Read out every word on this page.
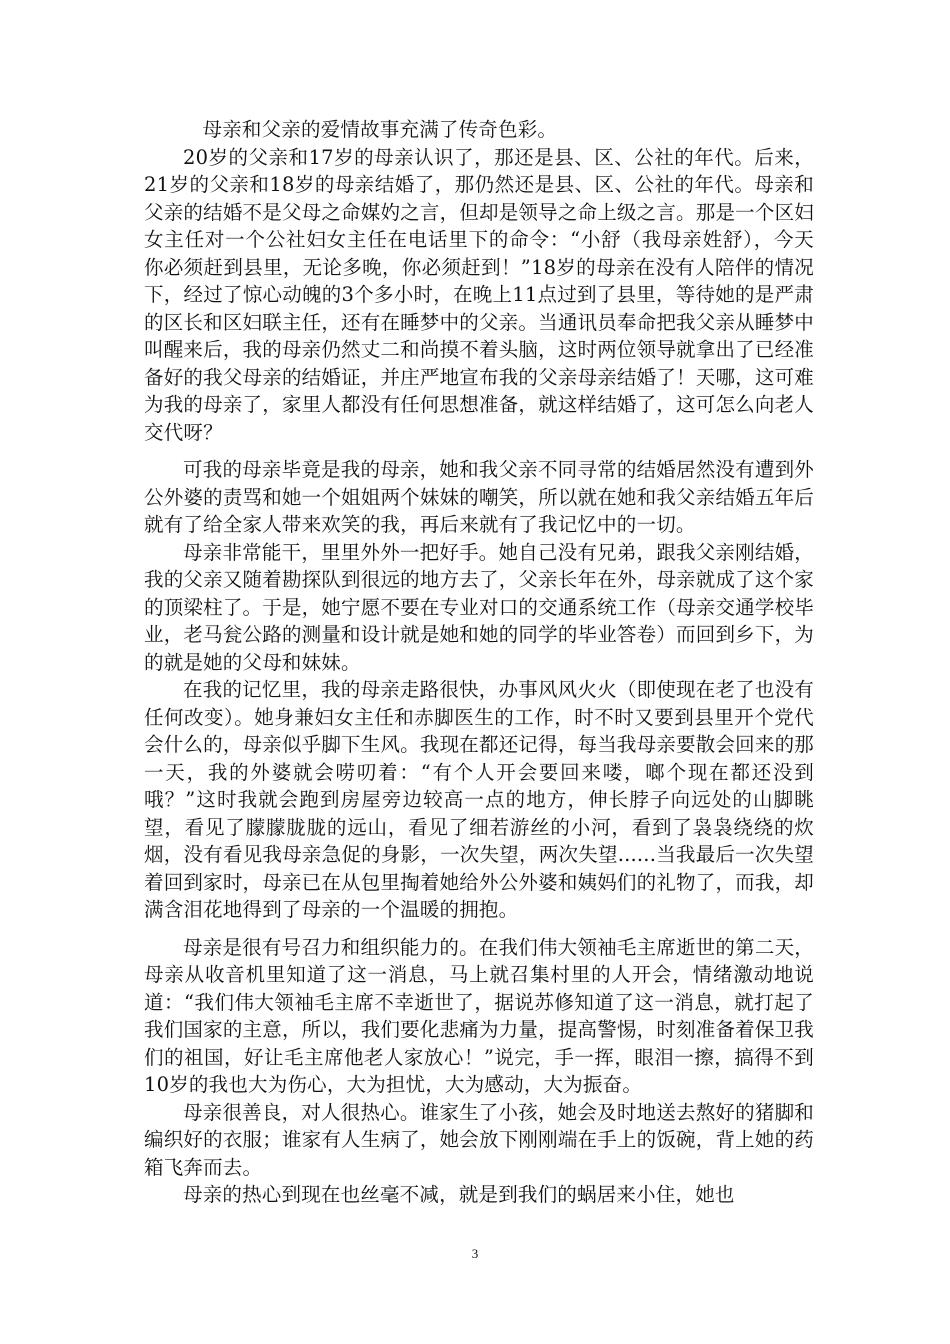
母亲和父亲的爱情故事充满了传奇色彩。

20岁的父亲和17岁的母亲认识了，那还是县、区、公社的年代。后来，21岁的父亲和18岁的母亲结婚了，那仍然还是县、区、公社的年代。母亲和父亲的结婚不是父母之命媒妁之言，但却是领导之命上级之言。那是一个区妇女主任对一个公社妇女主任在电话里下的命令：“小舒（我母亲姓舒），今天你必须赶到县里，无论多晚，你必须赶到！”18岁的母亲在没有人陪伴的情况下，经过了惊心动魄的3个多小时，在晚上11点过到了县里，等待她的是严肃的区长和区妇联主任，还有在睡梦中的父亲。当通讯员奉命把我父亲从睡梦中叫醒来后，我的母亲仍然丈二和尚摸不着头脑，这时两位领导就拿出了已经准备好的我父母亲的结婚证，并庄严地宣布我的父亲母亲结婚了！天哪，这可难为我的母亲了，家里人都没有任何思想准备，就这样结婚了，这可怎么向老人交代呀？

可我的母亲毕竟是我的母亲，她和我父亲不同寻常的结婚居然没有遭到外公外婆的责骂和她一个姐姐两个妹妹的嘲笑，所以就在她和我父亲结婚五年后就有了给全家人带来欢笑的我，再后来就有了我记忆中的一切。

母亲非常能干，里里外外一把好手。她自己没有兄弟，跟我父亲刚结婚，我的父亲又随着勘探队到很远的地方去了，父亲长年在外，母亲就成了这个家的顶梁柱了。于是，她宁愿不要在专业对口的交通系统工作（母亲交通学校毕业，老马瓮公路的测量和设计就是她和她的同学的毕业答卷）而回到乡下，为的就是她的父母和妹妹。

在我的记忆里，我的母亲走路很快，办事风风火火（即使现在老了也没有任何改变）。她身兼妇女主任和赤脚医生的工作，时不时又要到县里开个党代会什么的，母亲似乎脚下生风。我现在都还记得，每当我母亲要散会回来的那一天，我的外婆就会唠叨着：“有个人开会要回来喽，啷个现在都还没到哦？”这时我就会跑到房屋旁边较高一点的地方，伸长脖子向远处的山脚眺望，看见了朦朦胧胧的远山，看见了细若游丝的小河，看到了袅袅绕绕的炊烟，没有看见我母亲急促的身影，一次失望，两次失望......当我最后一次失望着回到家时，母亲已在从包里掏着她给外公外婆和姨妈们的礼物了，而我，却满含泪花地得到了母亲的一个温暖的拥抱。

母亲是很有号召力和组织能力的。在我们伟大领袖毛主席逝世的第二天，母亲从收音机里知道了这一消息，马上就召集村里的人开会，情绪激动地说道：“我们伟大领袖毛主席不幸逝世了，据说苏修知道了这一消息，就打起了我们国家的主意，所以，我们要化悲痛为力量，提高警惕，时刻准备着保卫我们的祖国，好让毛主席他老人家放心！”说完，手一挥，眼泪一擦，搞得不到10岁的我也大为伤心，大为担忧，大为感动，大为振奋。

母亲很善良，对人很热心。谁家生了小孩，她会及时地送去熬好的猪脚和编织好的衣服；谁家有人生病了，她会放下刚刚端在手上的饭碗，背上她的药箱飞奔而去。

母亲的热心到现在也丝毫不减，就是到我们的蜗居来小住，她也

3
